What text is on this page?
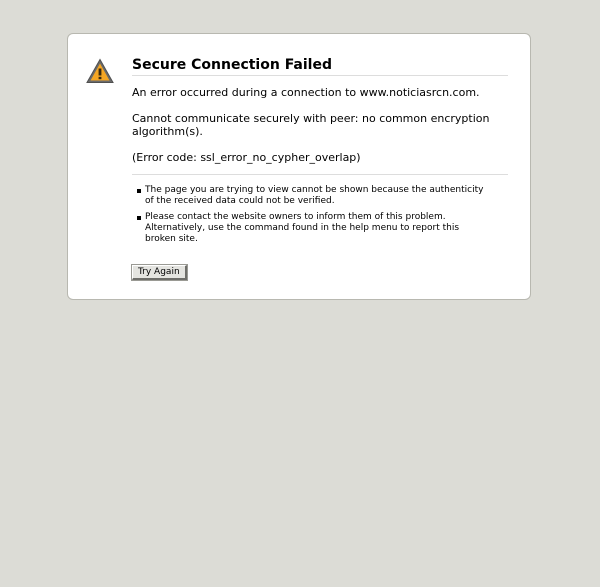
Secure Connection Failed

An error occurred during a connection to www.noticiasrcn.com.

Cannot communicate securely with peer: no common encryption algorithm(s).

(Error code: ssl_error_no_cypher_overlap)

The page you are trying to view cannot be shown because the authenticity of the received data could not be verified.
Please contact the website owners to inform them of this problem. Alternatively, use the command found in the help menu to report this broken site.
Try Again
